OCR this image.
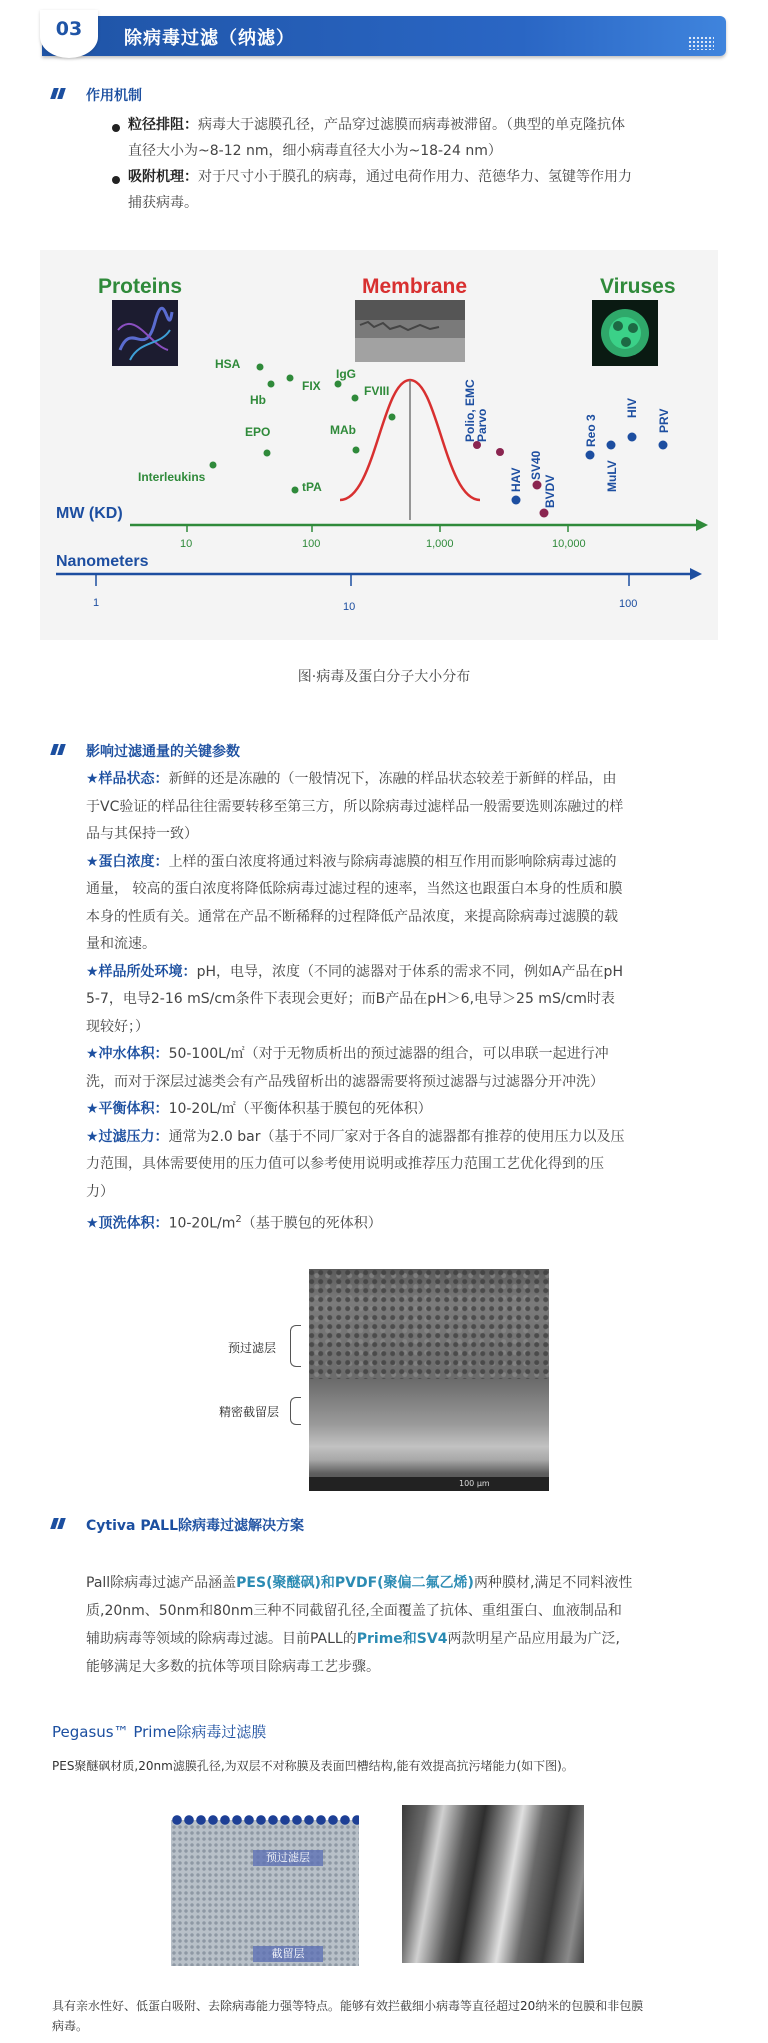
03	除病毒过滤（纳滤）
作用机制
粒径排阻：病毒大于滤膜孔径，产品穿过滤膜而病毒被滞留。（典型的单克隆抗体
直径大小为~8-12 nm，细小病毒直径大小为~18-24 nm）
吸附机理：对于尺寸小于膜孔的病毒，通过电荷作用力、范德华力、氢键等作用力
捕获病毒。
Proteins	Membrane	Viruses
HSA
Hb
FIX
IgG
FVIII
EPO	MAb
Interleukins
tPA
Polio, EMC
Parvo
HAV SV40
BVDV
Reo 3
MuLV
HIV
PRV
MW (KD)
10	100	1,000	10,000
Nanometers
1	10	100
图·病毒及蛋白分子大小分布
影响过滤通量的关键参数
★样品状态：新鲜的还是冻融的（一般情况下，冻融的样品状态较差于新鲜的样品，由
于VC验证的样品往往需要转移至第三方，所以除病毒过滤样品一般需要选则冻融过的样
品与其保持一致）
★蛋白浓度：上样的蛋白浓度将通过料液与除病毒滤膜的相互作用而影响除病毒过滤的
通量， 较高的蛋白浓度将降低除病毒过滤过程的速率，当然这也跟蛋白本身的性质和膜
本身的性质有关。通常在产品不断稀释的过程降低产品浓度，来提高除病毒过滤膜的载
量和流速。
★样品所处环境：pH，电导，浓度（不同的滤器对于体系的需求不同，例如A产品在pH
5-7，电导2-16 mS/cm条件下表现会更好；而B产品在pH＞6,电导＞25 mS/cm时表
现较好；）
★冲水体积：50-100L/㎡（对于无物质析出的预过滤器的组合，可以串联一起进行冲
洗，而对于深层过滤类会有产品残留析出的滤器需要将预过滤器与过滤器分开冲洗）
★平衡体积：10-20L/㎡（平衡体积基于膜包的死体积）
★过滤压力：通常为2.0 bar（基于不同厂家对于各自的滤器都有推荐的使用压力以及压
力范围，具体需要使用的压力值可以参考使用说明或推荐压力范围工艺优化得到的压
力）
★顶洗体积：$10-20L/m^2$（基于膜包的死体积）
100 μm
预过滤层
精密截留层
Cytiva PALL除病毒过滤解决方案
Pall除病毒过滤产品涵盖PES(聚醚砜)和PVDF(聚偏二氟乙烯)两种膜材,满足不同料液性
质,20nm、50nm和80nm三种不同截留孔径,全面覆盖了抗体、重组蛋白、血液制品和
辅助病毒等领域的除病毒过滤。目前PALL的Prime和SV4两款明星产品应用最为广泛,
能够满足大多数的抗体等项目除病毒工艺步骤。
Pegasus™ Prime除病毒过滤膜
PES聚醚砜材质,20nm滤膜孔径,为双层不对称膜及表面凹槽结构,能有效提高抗污堵能力(如下图)。
预过滤层
截留层
具有亲水性好、低蛋白吸附、去除病毒能力强等特点。能够有效拦截细小病毒等直径超过20纳米的包膜和非包膜
病毒。
